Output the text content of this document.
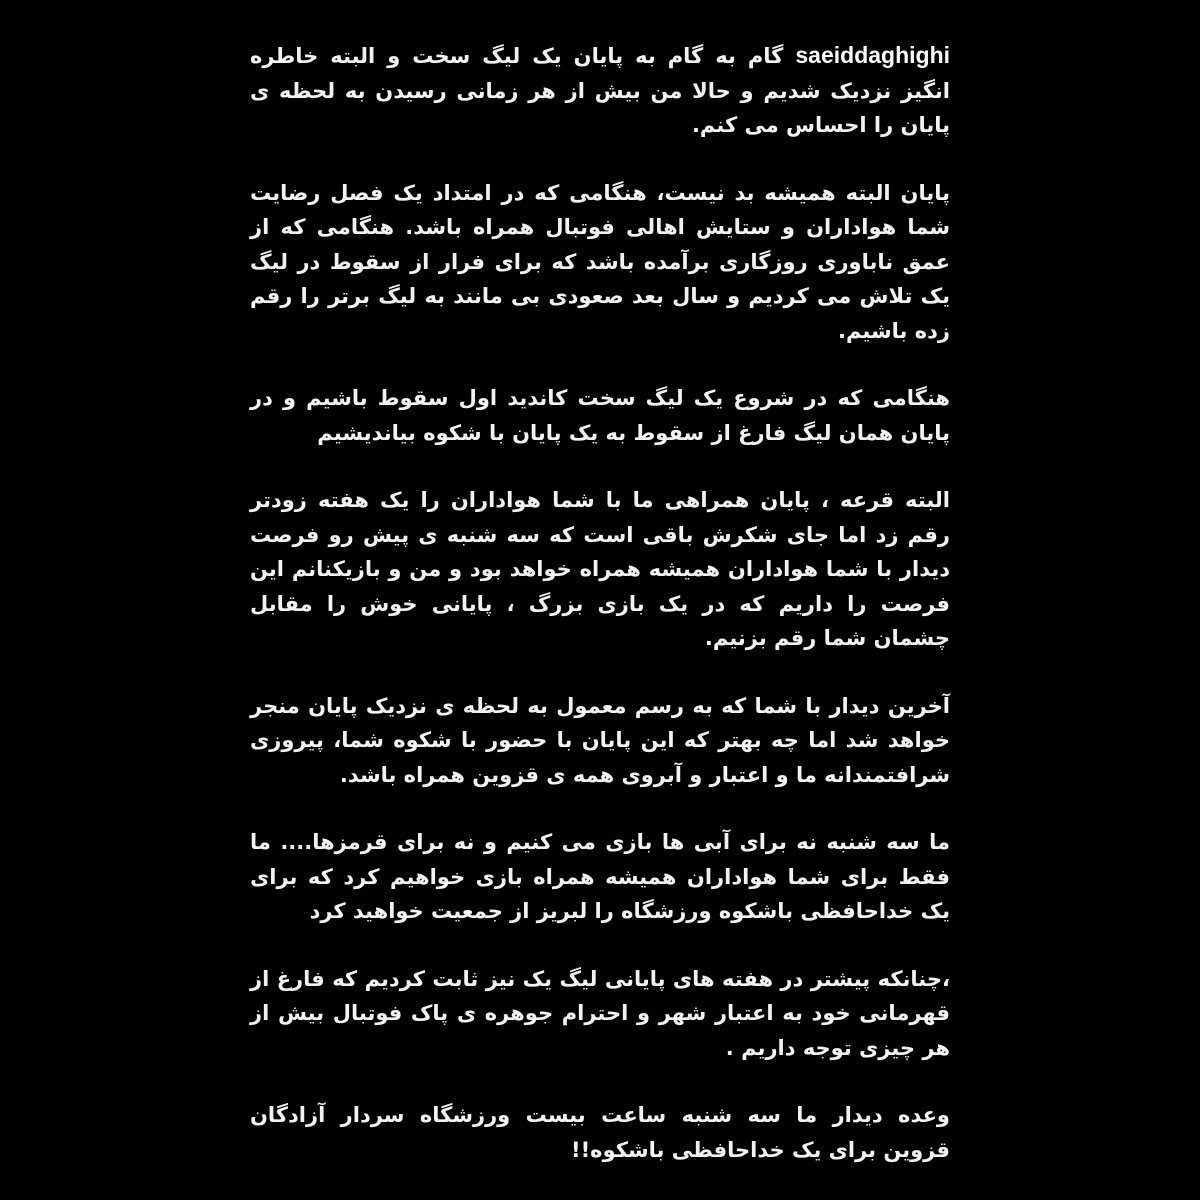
saeiddaghighi گام به گام به پایان یک لیگ سخت و البته خاطره انگیز نزدیک شدیم و حالا من بیش از هر زمانی رسیدن به لحظه ی پایان را احساس می کنم.

پایان البته همیشه بد نیست، هنگامی که در امتداد یک فصل رضایت شما هواداران و ستایش اهالی فوتبال همراه باشد. هنگامی که از عمق ناباوری روزگاری برآمده باشد که برای فرار از سقوط در لیگ یک تلاش می کردیم و سال بعد صعودی بی مانند به لیگ برتر را رقم زده باشیم.

هنگامی که در شروع یک لیگ سخت کاندید اول سقوط باشیم و در پایان همان لیگ فارغ از سقوط به یک پایان با شکوه بیاندیشیم

البته قرعه ، پایان همراهی ما با شما هواداران را یک هفته زودتر رقم زد اما جای شکرش باقی است که سه شنبه ی پیش رو فرصت دیدار با شما هواداران همیشه همراه خواهد بود و من و بازیکنانم این فرصت را داریم که در یک بازی بزرگ ، پایانی خوش را مقابل چشمان شما رقم بزنیم.

آخرین دیدار با شما که به رسم معمول به لحظه ی نزدیک پایان منجر خواهد شد اما چه بهتر که این پایان با حضور با شکوه شما، پیروزی شرافتمندانه ما و اعتبار و آبروی همه ی قزوین همراه باشد.

ما سه شنبه نه برای آبی ها بازی می کنیم و نه برای قرمزها.... ما فقط برای شما هواداران همیشه همراه بازی خواهیم کرد که برای یک خداحافظی باشکوه ورزشگاه را لبریز از جمعیت خواهید کرد

،چنانکه پیشتر در هفته های پایانی لیگ یک نیز ثابت کردیم که فارغ از قهرمانی خود به اعتبار شهر و احترام جوهره ی پاک فوتبال بیش از هر چیزی توجه داریم .

وعده دیدار ما سه شنبه ساعت بیست ورزشگاه سردار آزادگان قزوین برای یک خداحافظی باشکوه!!
